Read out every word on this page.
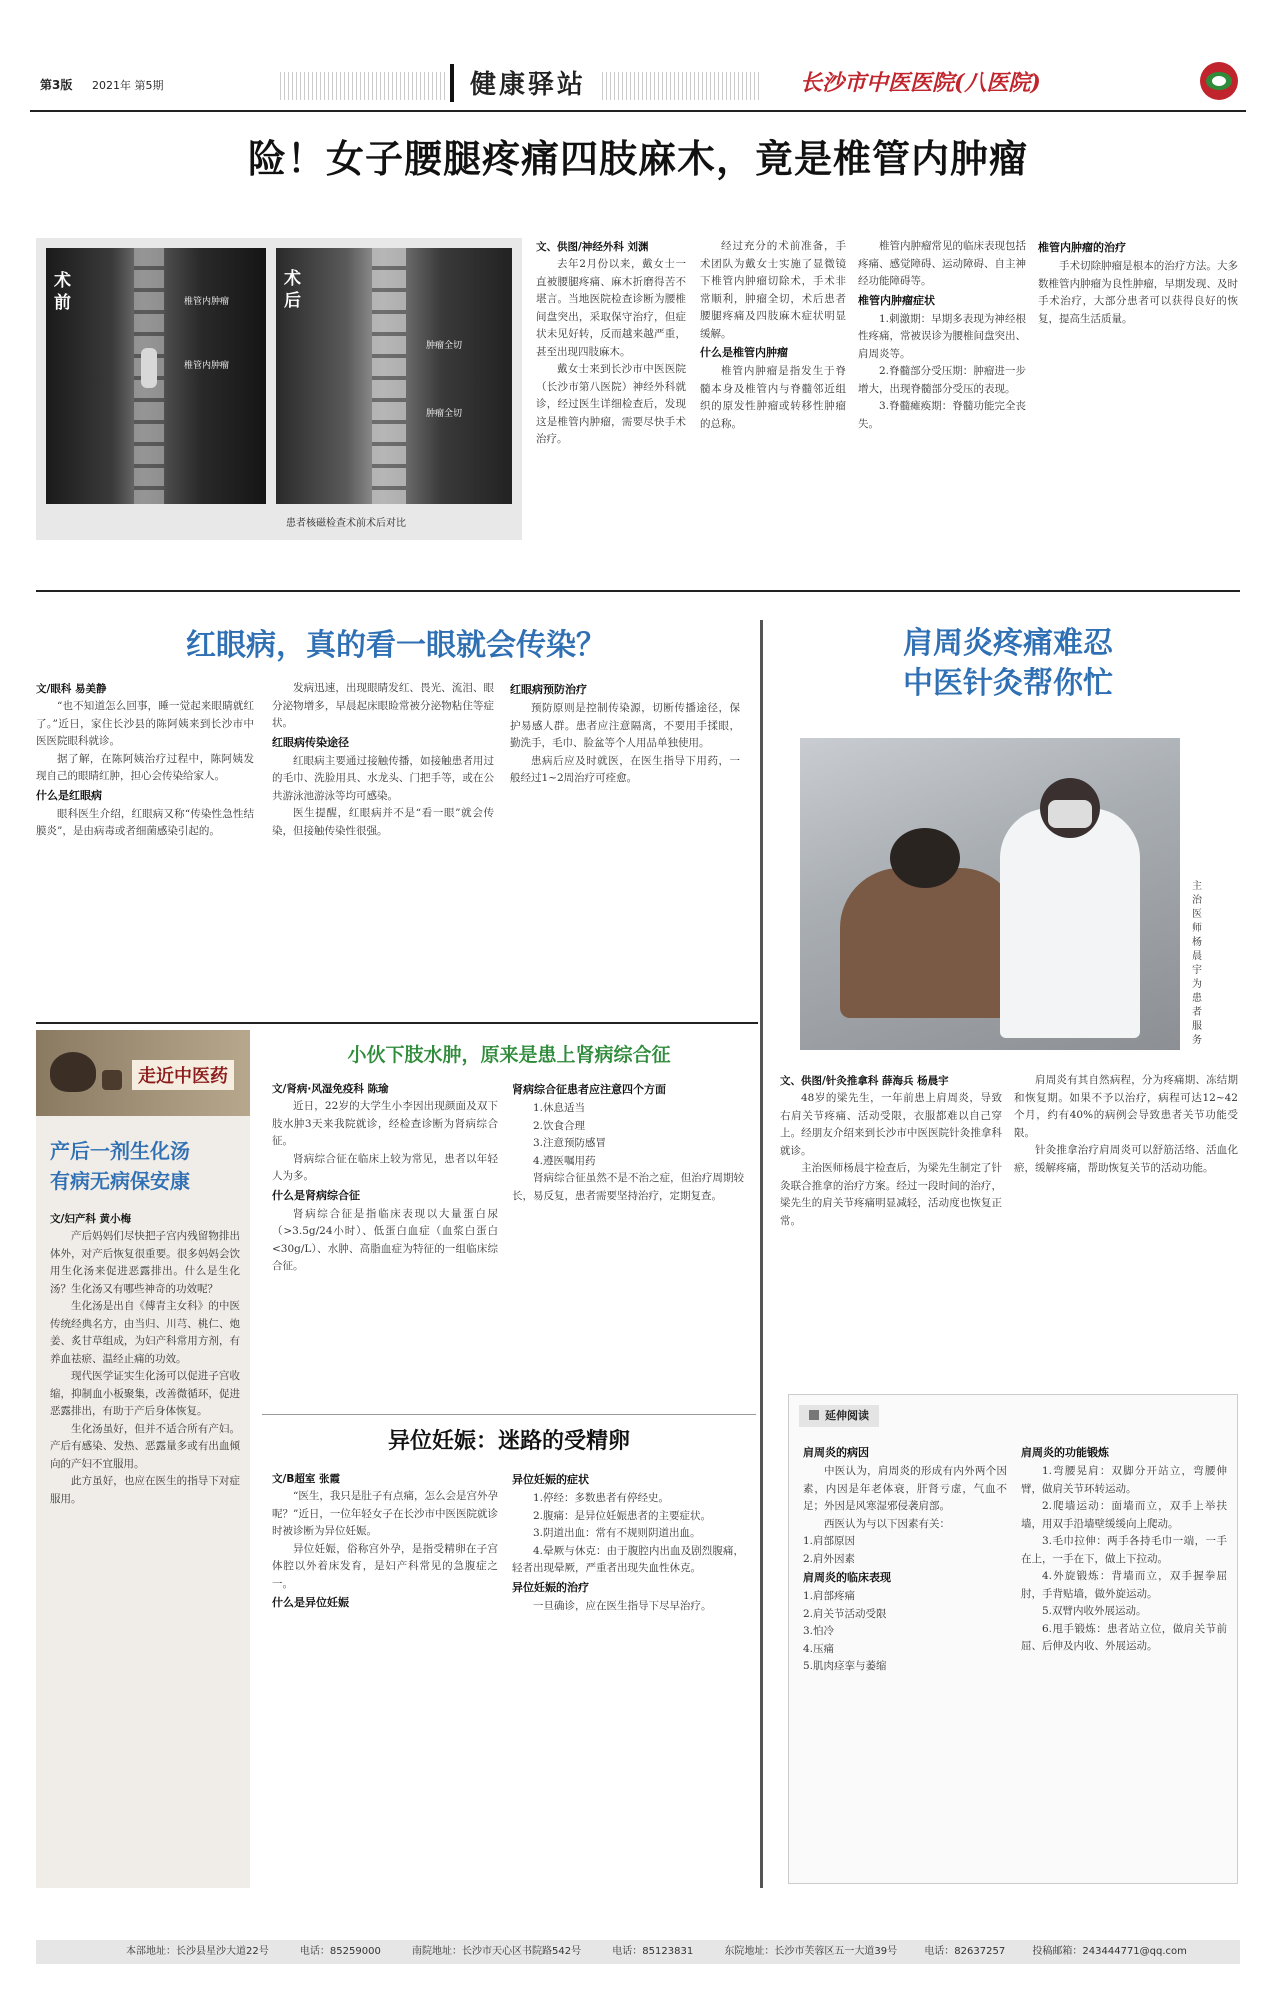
第3版 2021年 第5期	健康驿站	长沙市中医医院(八医院)
险！女子腰腿疼痛四肢麻木，竟是椎管内肿瘤
术前	椎管内肿瘤
椎管内肿瘤
术后
肿瘤全切
肿瘤全切
患者核磁检查术前术后对比
文、供图/神经外科 刘渊

去年2月份以来，戴女士一直被腰腿疼痛、麻木折磨得苦不堪言。当地医院检查诊断为腰椎间盘突出，采取保守治疗，但症状未见好转，反而越来越严重，甚至出现四肢麻木。

戴女士来到长沙市中医医院（长沙市第八医院）神经外科就诊，经过医生详细检查后，发现这是椎管内肿瘤，需要尽快手术治疗。

经过充分的术前准备，手术团队为戴女士实施了显微镜下椎管内肿瘤切除术，手术非常顺利，肿瘤全切，术后患者腰腿疼痛及四肢麻木症状明显缓解。

什么是椎管内肿瘤

椎管内肿瘤是指发生于脊髓本身及椎管内与脊髓邻近组织的原发性肿瘤或转移性肿瘤的总称。

椎管内肿瘤常见的临床表现包括疼痛、感觉障碍、运动障碍、自主神经功能障碍等。

椎管内肿瘤症状

1.刺激期：早期多表现为神经根性疼痛，常被误诊为腰椎间盘突出、肩周炎等。

2.脊髓部分受压期：肿瘤进一步增大，出现脊髓部分受压的表现。

3.脊髓瘫痪期：脊髓功能完全丧失。

椎管内肿瘤的治疗

手术切除肿瘤是根本的治疗方法。大多数椎管内肿瘤为良性肿瘤，早期发现、及时手术治疗，大部分患者可以获得良好的恢复，提高生活质量。

红眼病，真的看一眼就会传染？
文/眼科 易美静

“也不知道怎么回事，睡一觉起来眼睛就红了。”近日，家住长沙县的陈阿姨来到长沙市中医医院眼科就诊。

据了解，在陈阿姨治疗过程中，陈阿姨发现自己的眼睛红肿，担心会传染给家人。

什么是红眼病

眼科医生介绍，红眼病又称“传染性急性结膜炎”，是由病毒或者细菌感染引起的。

发病迅速，出现眼睛发红、畏光、流泪、眼分泌物增多，早晨起床眼睑常被分泌物粘住等症状。

红眼病传染途径

红眼病主要通过接触传播，如接触患者用过的毛巾、洗脸用具、水龙头、门把手等，或在公共游泳池游泳等均可感染。

医生提醒，红眼病并不是“看一眼”就会传染，但接触传染性很强。

红眼病预防治疗

预防原则是控制传染源，切断传播途径，保护易感人群。患者应注意隔离，不要用手揉眼，勤洗手，毛巾、脸盆等个人用品单独使用。

患病后应及时就医，在医生指导下用药，一般经过1~2周治疗可痊愈。

肩周炎疼痛难忍
中医针灸帮你忙
主治医师杨晨宇为患者服务
文、供图/针灸推拿科 薛海兵 杨晨宇

48岁的梁先生，一年前患上肩周炎，导致右肩关节疼痛、活动受限，衣服都难以自己穿上。经朋友介绍来到长沙市中医医院针灸推拿科就诊。

主治医师杨晨宇检查后，为梁先生制定了针灸联合推拿的治疗方案。经过一段时间的治疗，梁先生的肩关节疼痛明显减轻，活动度也恢复正常。

肩周炎有其自然病程，分为疼痛期、冻结期和恢复期。如果不予以治疗，病程可达12~42个月，约有40%的病例会导致患者关节功能受限。

针灸推拿治疗肩周炎可以舒筋活络、活血化瘀，缓解疼痛，帮助恢复关节的活动功能。

延伸阅读
肩周炎的病因

中医认为，肩周炎的形成有内外两个因素，内因是年老体衰，肝肾亏虚，气血不足；外因是风寒湿邪侵袭肩部。

西医认为与以下因素有关：

1.肩部原因
2.肩外因素
肩周炎的临床表现
1.肩部疼痛
2.肩关节活动受限
3.怕冷
4.压痛
5.肌肉痉挛与萎缩
肩周炎的功能锻炼

1.弯腰晃肩：双脚分开站立，弯腰伸臂，做肩关节环转运动。

2.爬墙运动：面墙而立，双手上举扶墙，用双手沿墙壁缓缓向上爬动。

3.毛巾拉伸：两手各持毛巾一端，一手在上，一手在下，做上下拉动。

4.外旋锻炼：背墙而立，双手握拳屈肘，手背贴墙，做外旋运动。

5.双臂内收外展运动。

6.甩手锻炼：患者站立位，做肩关节前屈、后伸及内收、外展运动。

走近中医药
产后一剂生化汤
有病无病保安康
文/妇产科 黄小梅

产后妈妈们尽快把子宫内残留物排出体外，对产后恢复很重要。很多妈妈会饮用生化汤来促进恶露排出。什么是生化汤？生化汤又有哪些神奇的功效呢？

生化汤是出自《傅青主女科》的中医传统经典名方，由当归、川芎、桃仁、炮姜、炙甘草组成，为妇产科常用方剂，有养血祛瘀、温经止痛的功效。

现代医学证实生化汤可以促进子宫收缩，抑制血小板聚集，改善微循环，促进恶露排出，有助于产后身体恢复。

生化汤虽好，但并不适合所有产妇。产后有感染、发热、恶露量多或有出血倾向的产妇不宜服用。

此方虽好，也应在医生的指导下对症服用。

小伙下肢水肿，原来是患上肾病综合征
文/肾病·风湿免疫科 陈瑜

近日，22岁的大学生小李因出现颜面及双下肢水肿3天来我院就诊，经检查诊断为肾病综合征。

肾病综合征在临床上较为常见，患者以年轻人为多。

什么是肾病综合征

肾病综合征是指临床表现以大量蛋白尿（>3.5g/24小时）、低蛋白血症（血浆白蛋白<30g/L）、水肿、高脂血症为特征的一组临床综合征。

肾病综合征患者应注意四个方面

1.休息适当

2.饮食合理

3.注意预防感冒

4.遵医嘱用药

肾病综合征虽然不是不治之症，但治疗周期较长，易反复，患者需要坚持治疗，定期复查。

异位妊娠：迷路的受精卵
文/B超室 张霞

“医生，我只是肚子有点痛，怎么会是宫外孕呢？”近日，一位年轻女子在长沙市中医医院就诊时被诊断为异位妊娠。

异位妊娠，俗称宫外孕，是指受精卵在子宫体腔以外着床发育，是妇产科常见的急腹症之一。

什么是异位妊娠
异位妊娠的症状

1.停经：多数患者有停经史。

2.腹痛：是异位妊娠患者的主要症状。

3.阴道出血：常有不规则阴道出血。

4.晕厥与休克：由于腹腔内出血及剧烈腹痛，轻者出现晕厥，严重者出现失血性休克。

异位妊娠的治疗

一旦确诊，应在医生指导下尽早治疗。

本部地址：长沙县星沙大道22号	电话：85259000	南院地址：长沙市天心区书院路542号	电话：85123831	东院地址：长沙市芙蓉区五一大道39号	电话：82637257	投稿邮箱：243444771@qq.com
